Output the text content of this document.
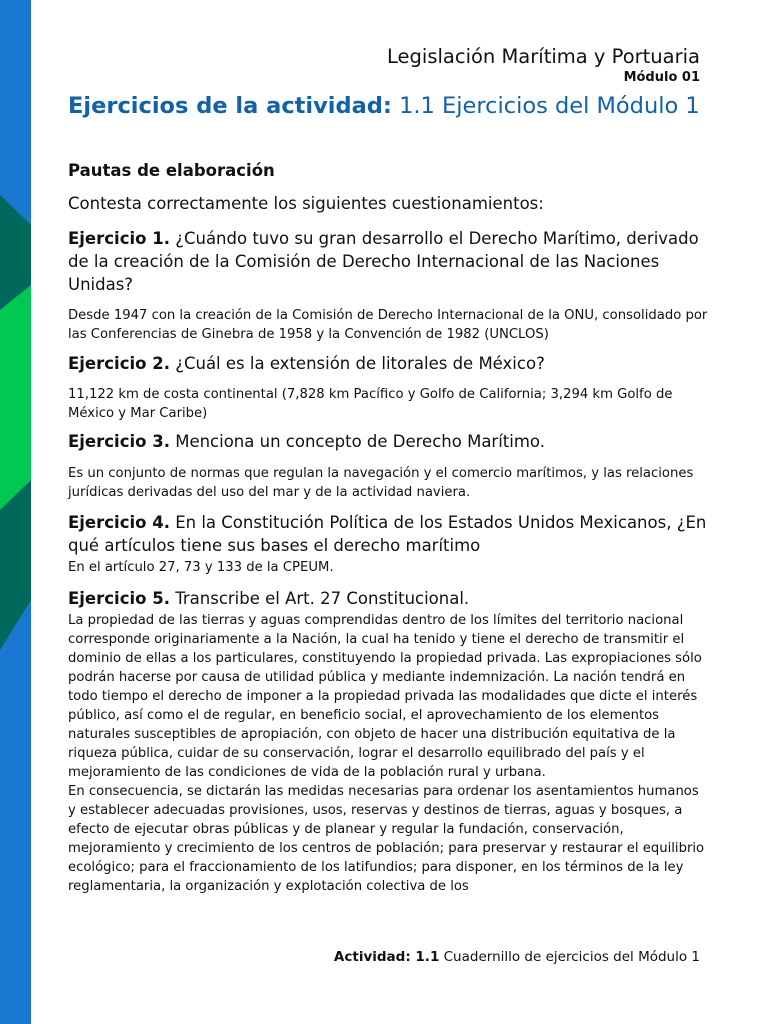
Legislación Marítima y Portuaria
Módulo 01
Ejercicios de la actividad: 1.1 Ejercicios del Módulo 1
Pautas de elaboración
Contesta correctamente los siguientes cuestionamientos:
Ejercicio 1. ¿Cuándo tuvo su gran desarrollo el Derecho Marítimo, derivado de la creación de la Comisión de Derecho Internacional de las Naciones Unidas?
Desde 1947 con la creación de la Comisión de Derecho Internacional de la ONU, consolidado por las Conferencias de Ginebra de 1958 y la Convención de 1982 (UNCLOS)
Ejercicio 2. ¿Cuál es la extensión de litorales de México?
11,122 km de costa continental (7,828 km Pacífico y Golfo de California; 3,294 km Golfo de México y Mar Caribe)
Ejercicio 3. Menciona un concepto de Derecho Marítimo.
Es un conjunto de normas que regulan la navegación y el comercio marítimos, y las relaciones jurídicas derivadas del uso del mar y de la actividad naviera.
Ejercicio 4. En la Constitución Política de los Estados Unidos Mexicanos, ¿En qué artículos tiene sus bases el derecho marítimo
En el artículo 27, 73 y 133 de la CPEUM.
Ejercicio 5. Transcribe el Art. 27 Constitucional.

La propiedad de las tierras y aguas comprendidas dentro de los límites del territorio nacional corresponde originariamente a la Nación, la cual ha tenido y tiene el derecho de transmitir el dominio de ellas a los particulares, constituyendo la propiedad privada. Las expropiaciones sólo podrán hacerse por causa de utilidad pública y mediante indemnización. La nación tendrá en todo tiempo el derecho de imponer a la propiedad privada las modalidades que dicte el interés público, así como el de regular, en beneficio social, el aprovechamiento de los elementos naturales susceptibles de apropiación, con objeto de hacer una distribución equitativa de la riqueza pública, cuidar de su conservación, lograr el desarrollo equilibrado del país y el mejoramiento de las condiciones de vida de la población rural y urbana.

En consecuencia, se dictarán las medidas necesarias para ordenar los asentamientos humanos y establecer adecuadas provisiones, usos, reservas y destinos de tierras, aguas y bosques, a efecto de ejecutar obras públicas y de planear y regular la fundación, conservación, mejoramiento y crecimiento de los centros de población; para preservar y restaurar el equilibrio ecológico; para el fraccionamiento de los latifundios; para disponer, en los términos de la ley reglamentaria, la organización y explotación colectiva de los

Actividad: 1.1 Cuadernillo de ejercicios del Módulo 1
